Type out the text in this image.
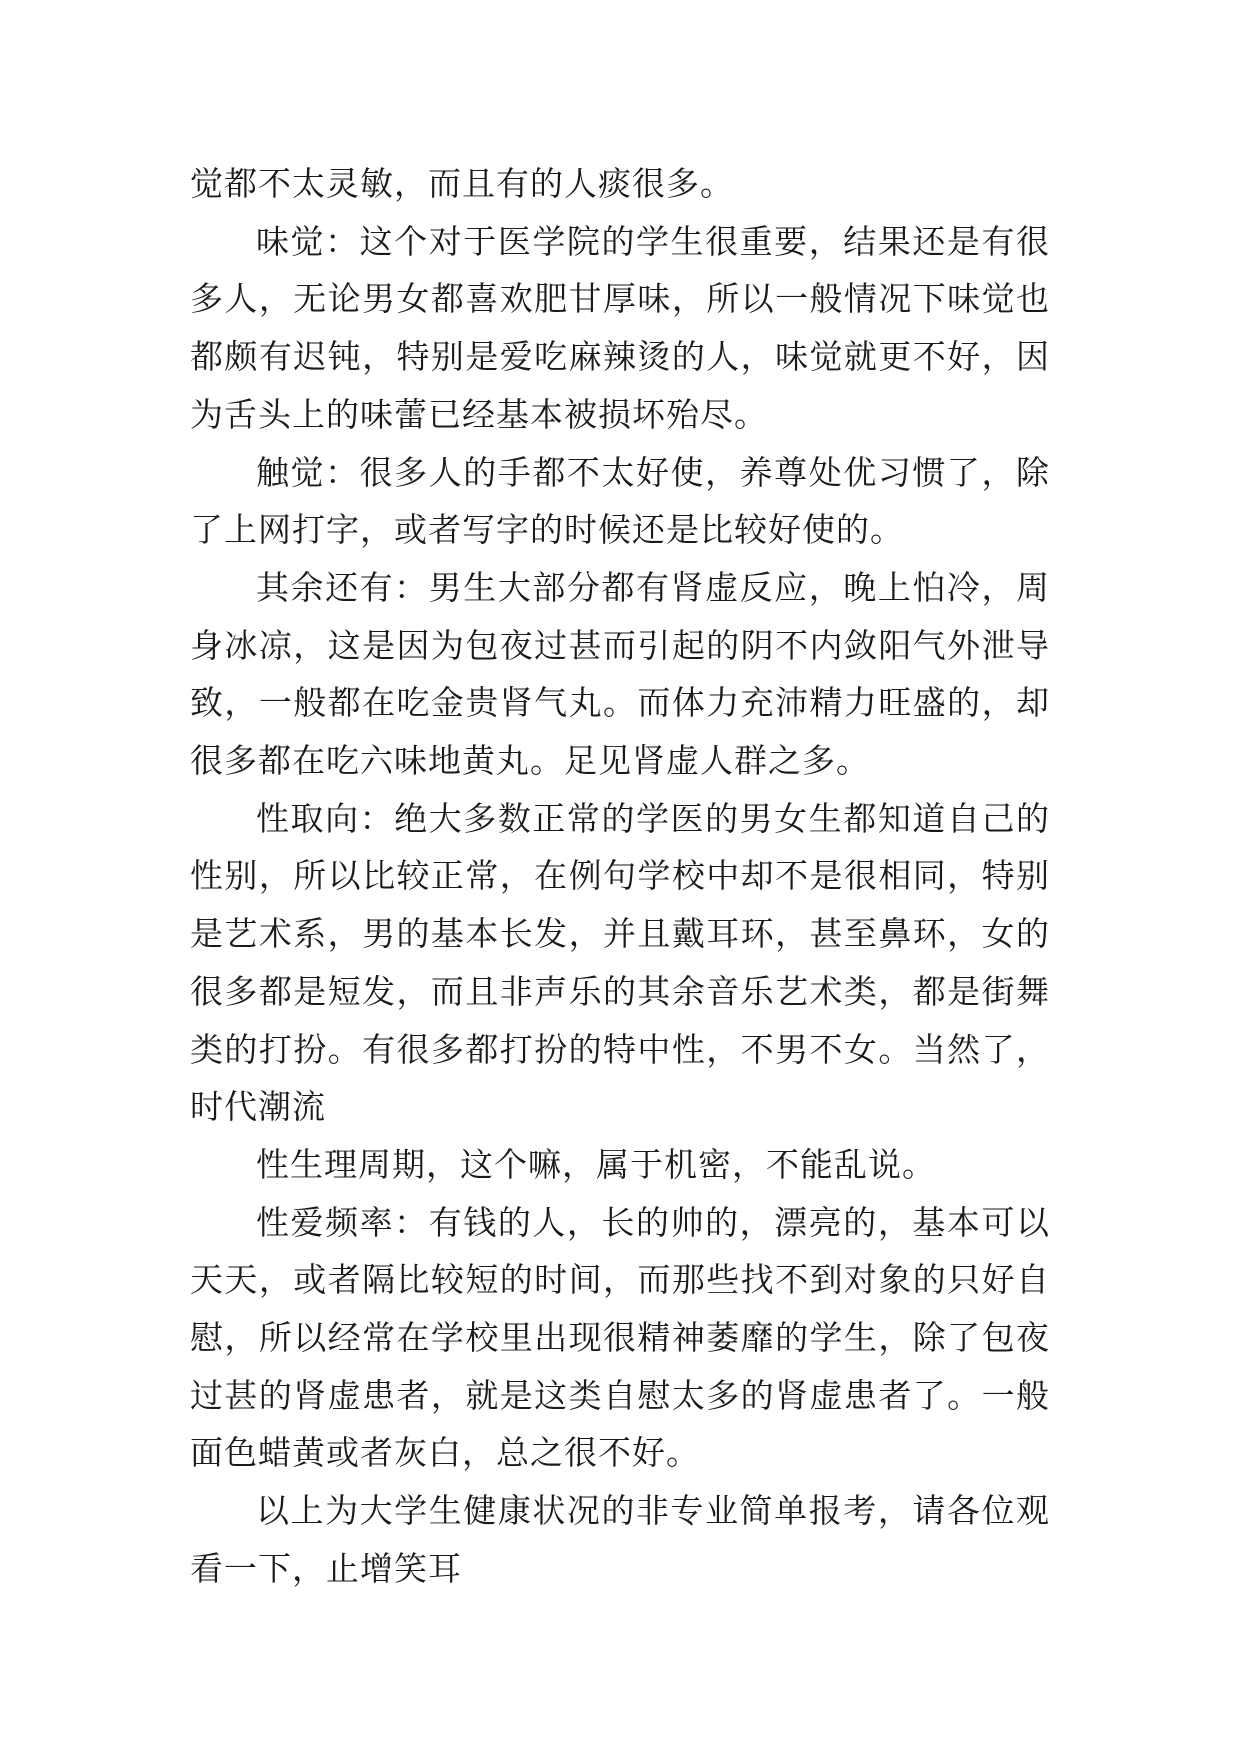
觉都不太灵敏，而且有的人痰很多。

味觉：这个对于医学院的学生很重要，结果还是有很多人，无论男女都喜欢肥甘厚味，所以一般情况下味觉也都颇有迟钝，特别是爱吃麻辣烫的人，味觉就更不好，因为舌头上的味蕾已经基本被损坏殆尽。

触觉：很多人的手都不太好使，养尊处优习惯了，除了上网打字，或者写字的时候还是比较好使的。

其余还有：男生大部分都有肾虚反应，晚上怕冷，周身冰凉，这是因为包夜过甚而引起的阴不内敛阳气外泄导致，一般都在吃金贵肾气丸。而体力充沛精力旺盛的，却很多都在吃六味地黄丸。足见肾虚人群之多。

性取向：绝大多数正常的学医的男女生都知道自己的性别，所以比较正常，在例句学校中却不是很相同，特别是艺术系，男的基本长发，并且戴耳环，甚至鼻环，女的很多都是短发，而且非声乐的其余音乐艺术类，都是街舞类的打扮。有很多都打扮的特中性，不男不女。当然了，时代潮流

性生理周期，这个嘛，属于机密，不能乱说。

性爱频率：有钱的人，长的帅的，漂亮的，基本可以天天，或者隔比较短的时间，而那些找不到对象的只好自慰，所以经常在学校里出现很精神萎靡的学生，除了包夜过甚的肾虚患者，就是这类自慰太多的肾虚患者了。一般面色蜡黄或者灰白，总之很不好。

以上为大学生健康状况的非专业简单报考，请各位观看一下，止增笑耳
